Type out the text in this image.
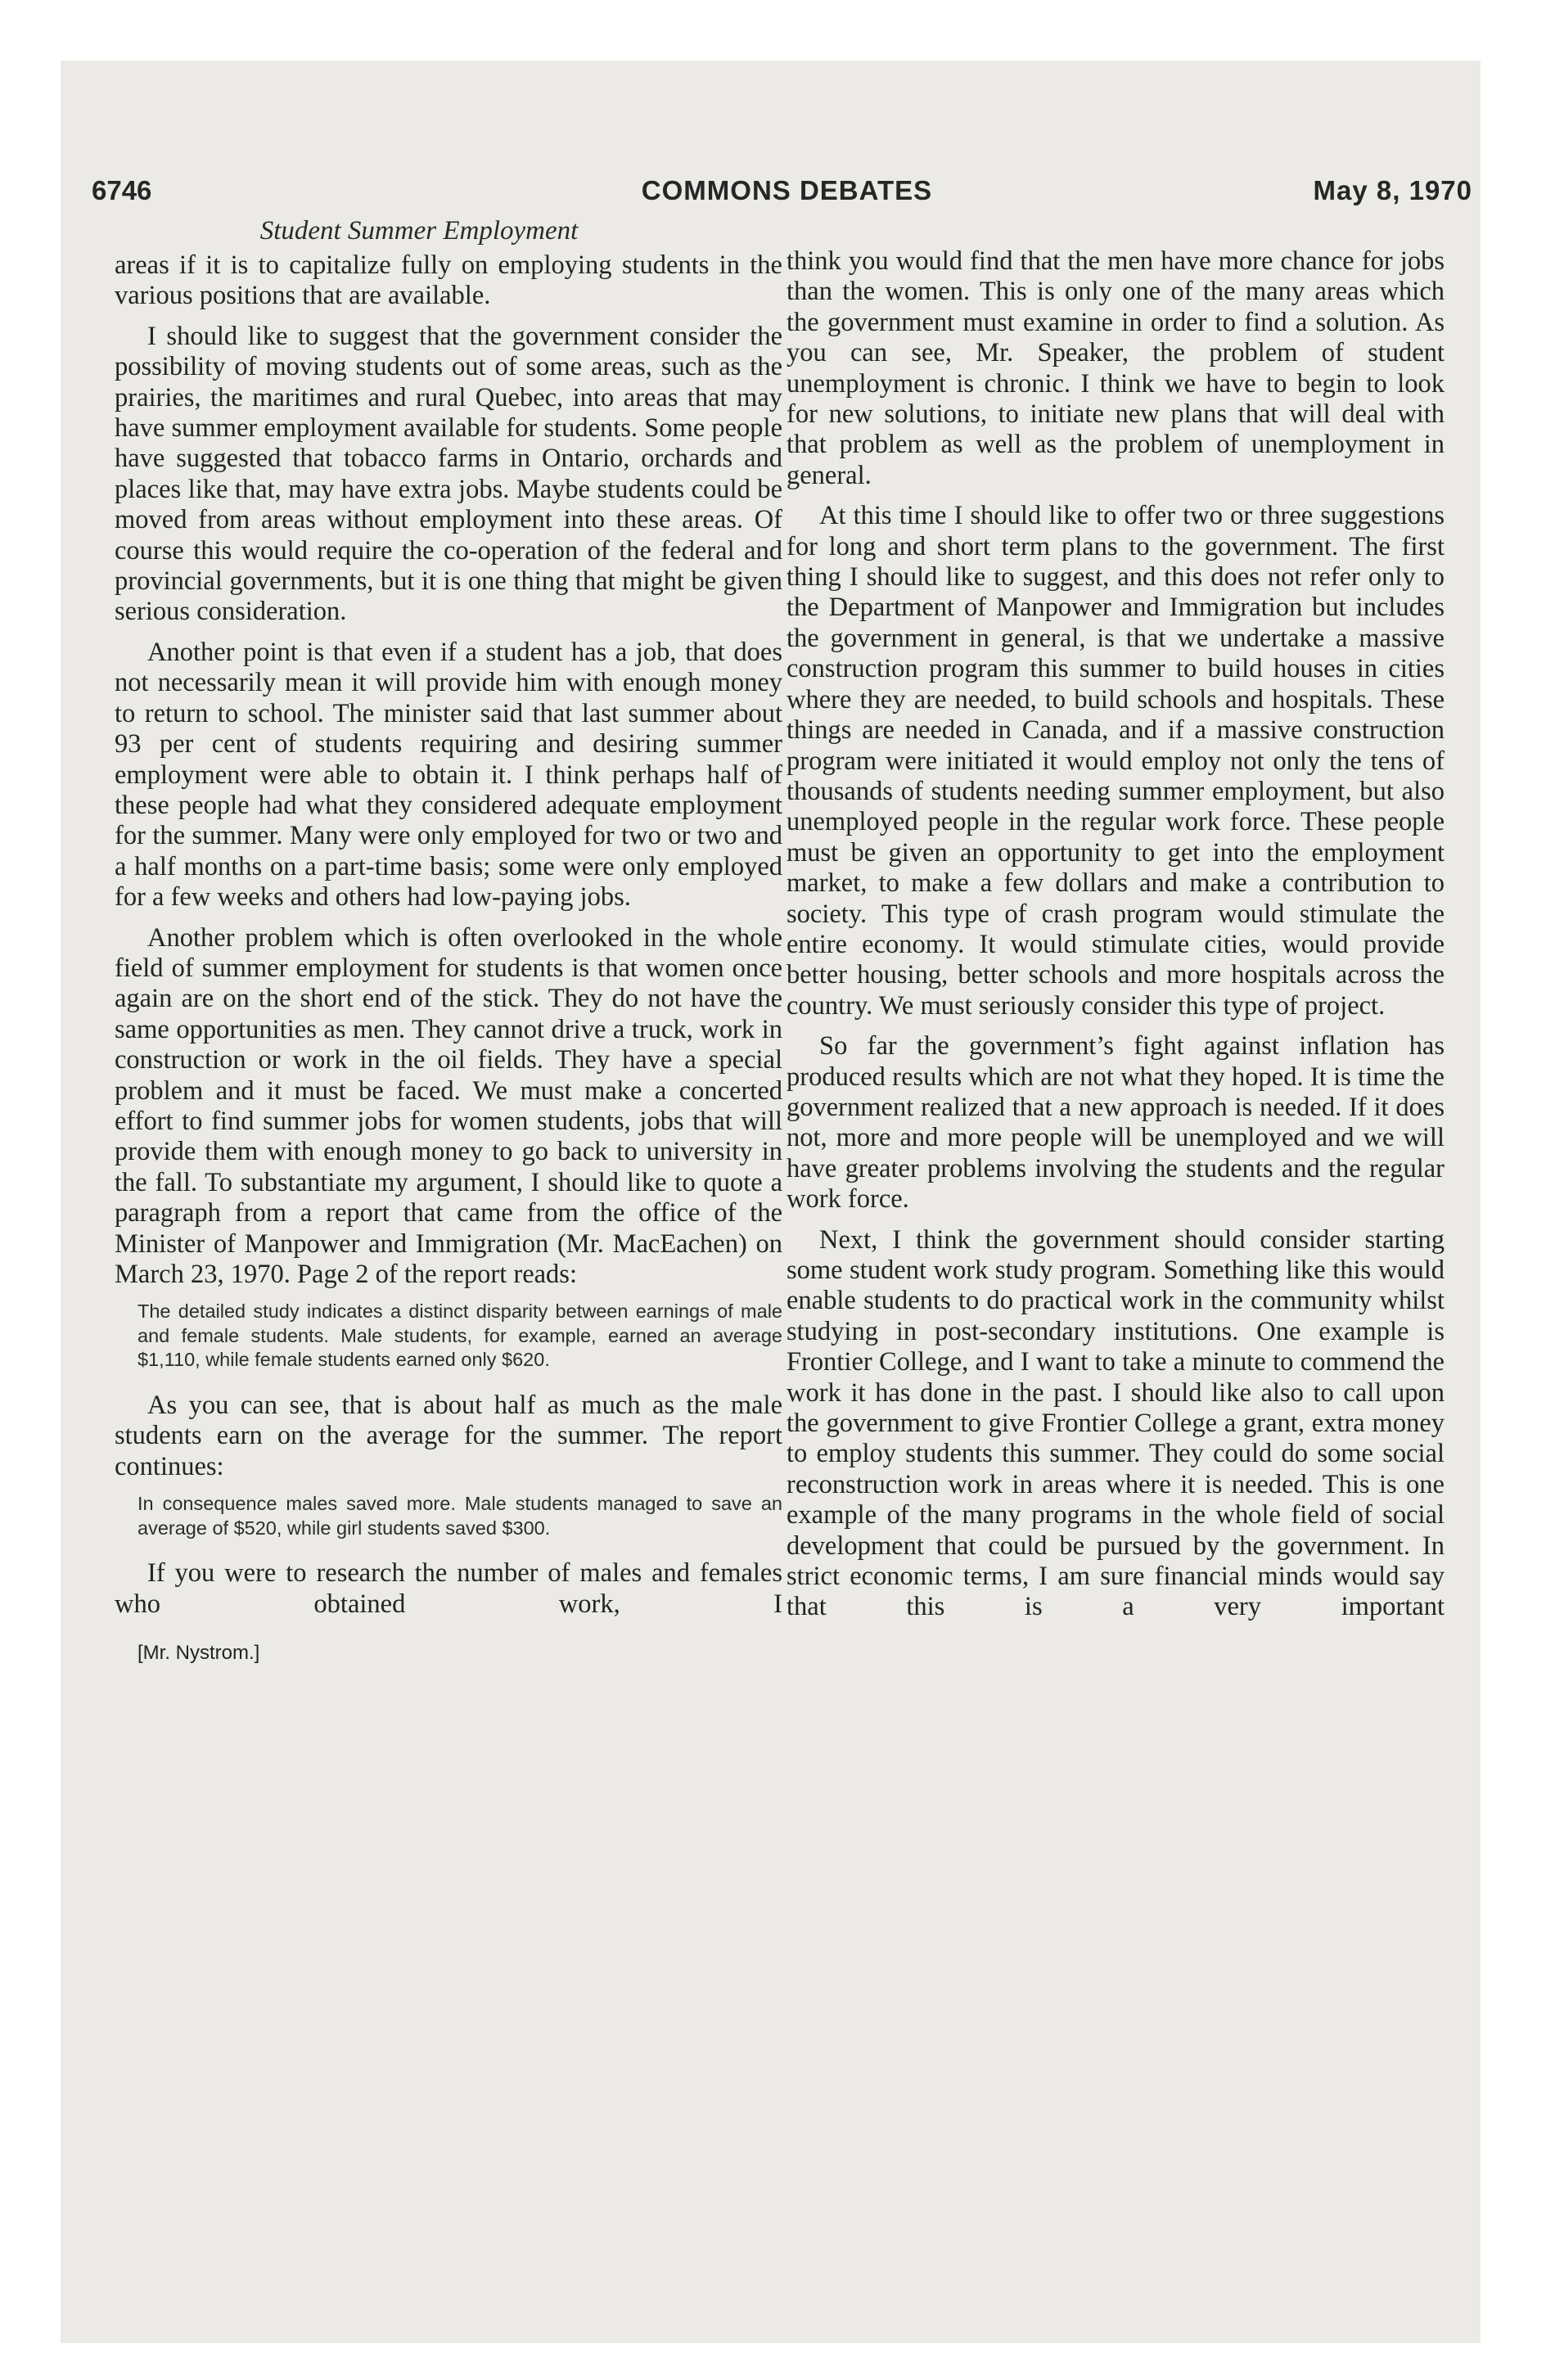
6746	COMMONS DEBATES	May 8, 1970
Student Summer Employment

areas if it is to capitalize fully on employing students in the various positions that are available.

I should like to suggest that the government consider the possibility of moving students out of some areas, such as the prairies, the maritimes and rural Quebec, into areas that may have summer employment available for students. Some people have suggested that tobacco farms in Ontario, orchards and places like that, may have extra jobs. Maybe students could be moved from areas without employment into these areas. Of course this would require the co-operation of the federal and provincial governments, but it is one thing that might be given serious consideration.

Another point is that even if a student has a job, that does not necessarily mean it will provide him with enough money to return to school. The minister said that last summer about 93 per cent of students requiring and desiring summer employment were able to obtain it. I think perhaps half of these people had what they considered adequate employment for the summer. Many were only employed for two or two and a half months on a part-time basis; some were only employed for a few weeks and others had low-paying jobs.

Another problem which is often overlooked in the whole field of summer employment for students is that women once again are on the short end of the stick. They do not have the same opportunities as men. They cannot drive a truck, work in construction or work in the oil fields. They have a special problem and it must be faced. We must make a concerted effort to find summer jobs for women students, jobs that will provide them with enough money to go back to university in the fall. To substantiate my argument, I should like to quote a paragraph from a report that came from the office of the Minister of Manpower and Immigration (Mr. MacEachen) on March 23, 1970. Page 2 of the report reads:

The detailed study indicates a distinct disparity between earnings of male and female students. Male students, for example, earned an average $1,110, while female students earned only $620.

As you can see, that is about half as much as the male students earn on the average for the summer. The report continues:

In consequence males saved more. Male students managed to save an average of $520, while girl students saved $300.

If you were to research the number of males and females who obtained work, I

[Mr. Nystrom.]

think you would find that the men have more chance for jobs than the women. This is only one of the many areas which the government must examine in order to find a solution. As you can see, Mr. Speaker, the problem of student unemployment is chronic. I think we have to begin to look for new solutions, to initiate new plans that will deal with that problem as well as the problem of unemployment in general.

At this time I should like to offer two or three suggestions for long and short term plans to the government. The first thing I should like to suggest, and this does not refer only to the Department of Manpower and Immigration but includes the government in general, is that we undertake a massive construction program this summer to build houses in cities where they are needed, to build schools and hospitals. These things are needed in Canada, and if a massive construction program were initiated it would employ not only the tens of thousands of students needing summer employment, but also unemployed people in the regular work force. These people must be given an opportunity to get into the employment market, to make a few dollars and make a contribution to society. This type of crash program would stimulate the entire economy. It would stimulate cities, would provide better housing, better schools and more hospitals across the country. We must seriously consider this type of project.

So far the government’s fight against inflation has produced results which are not what they hoped. It is time the government realized that a new approach is needed. If it does not, more and more people will be unemployed and we will have greater problems involving the students and the regular work force.

Next, I think the government should consider starting some student work study program. Something like this would enable students to do practical work in the community whilst studying in post-secondary institutions. One example is Frontier College, and I want to take a minute to commend the work it has done in the past. I should like also to call upon the government to give Frontier College a grant, extra money to employ students this summer. They could do some social reconstruction work in areas where it is needed. This is one example of the many programs in the whole field of social development that could be pursued by the government. In strict economic terms, I am sure financial minds would say that this is a very important
